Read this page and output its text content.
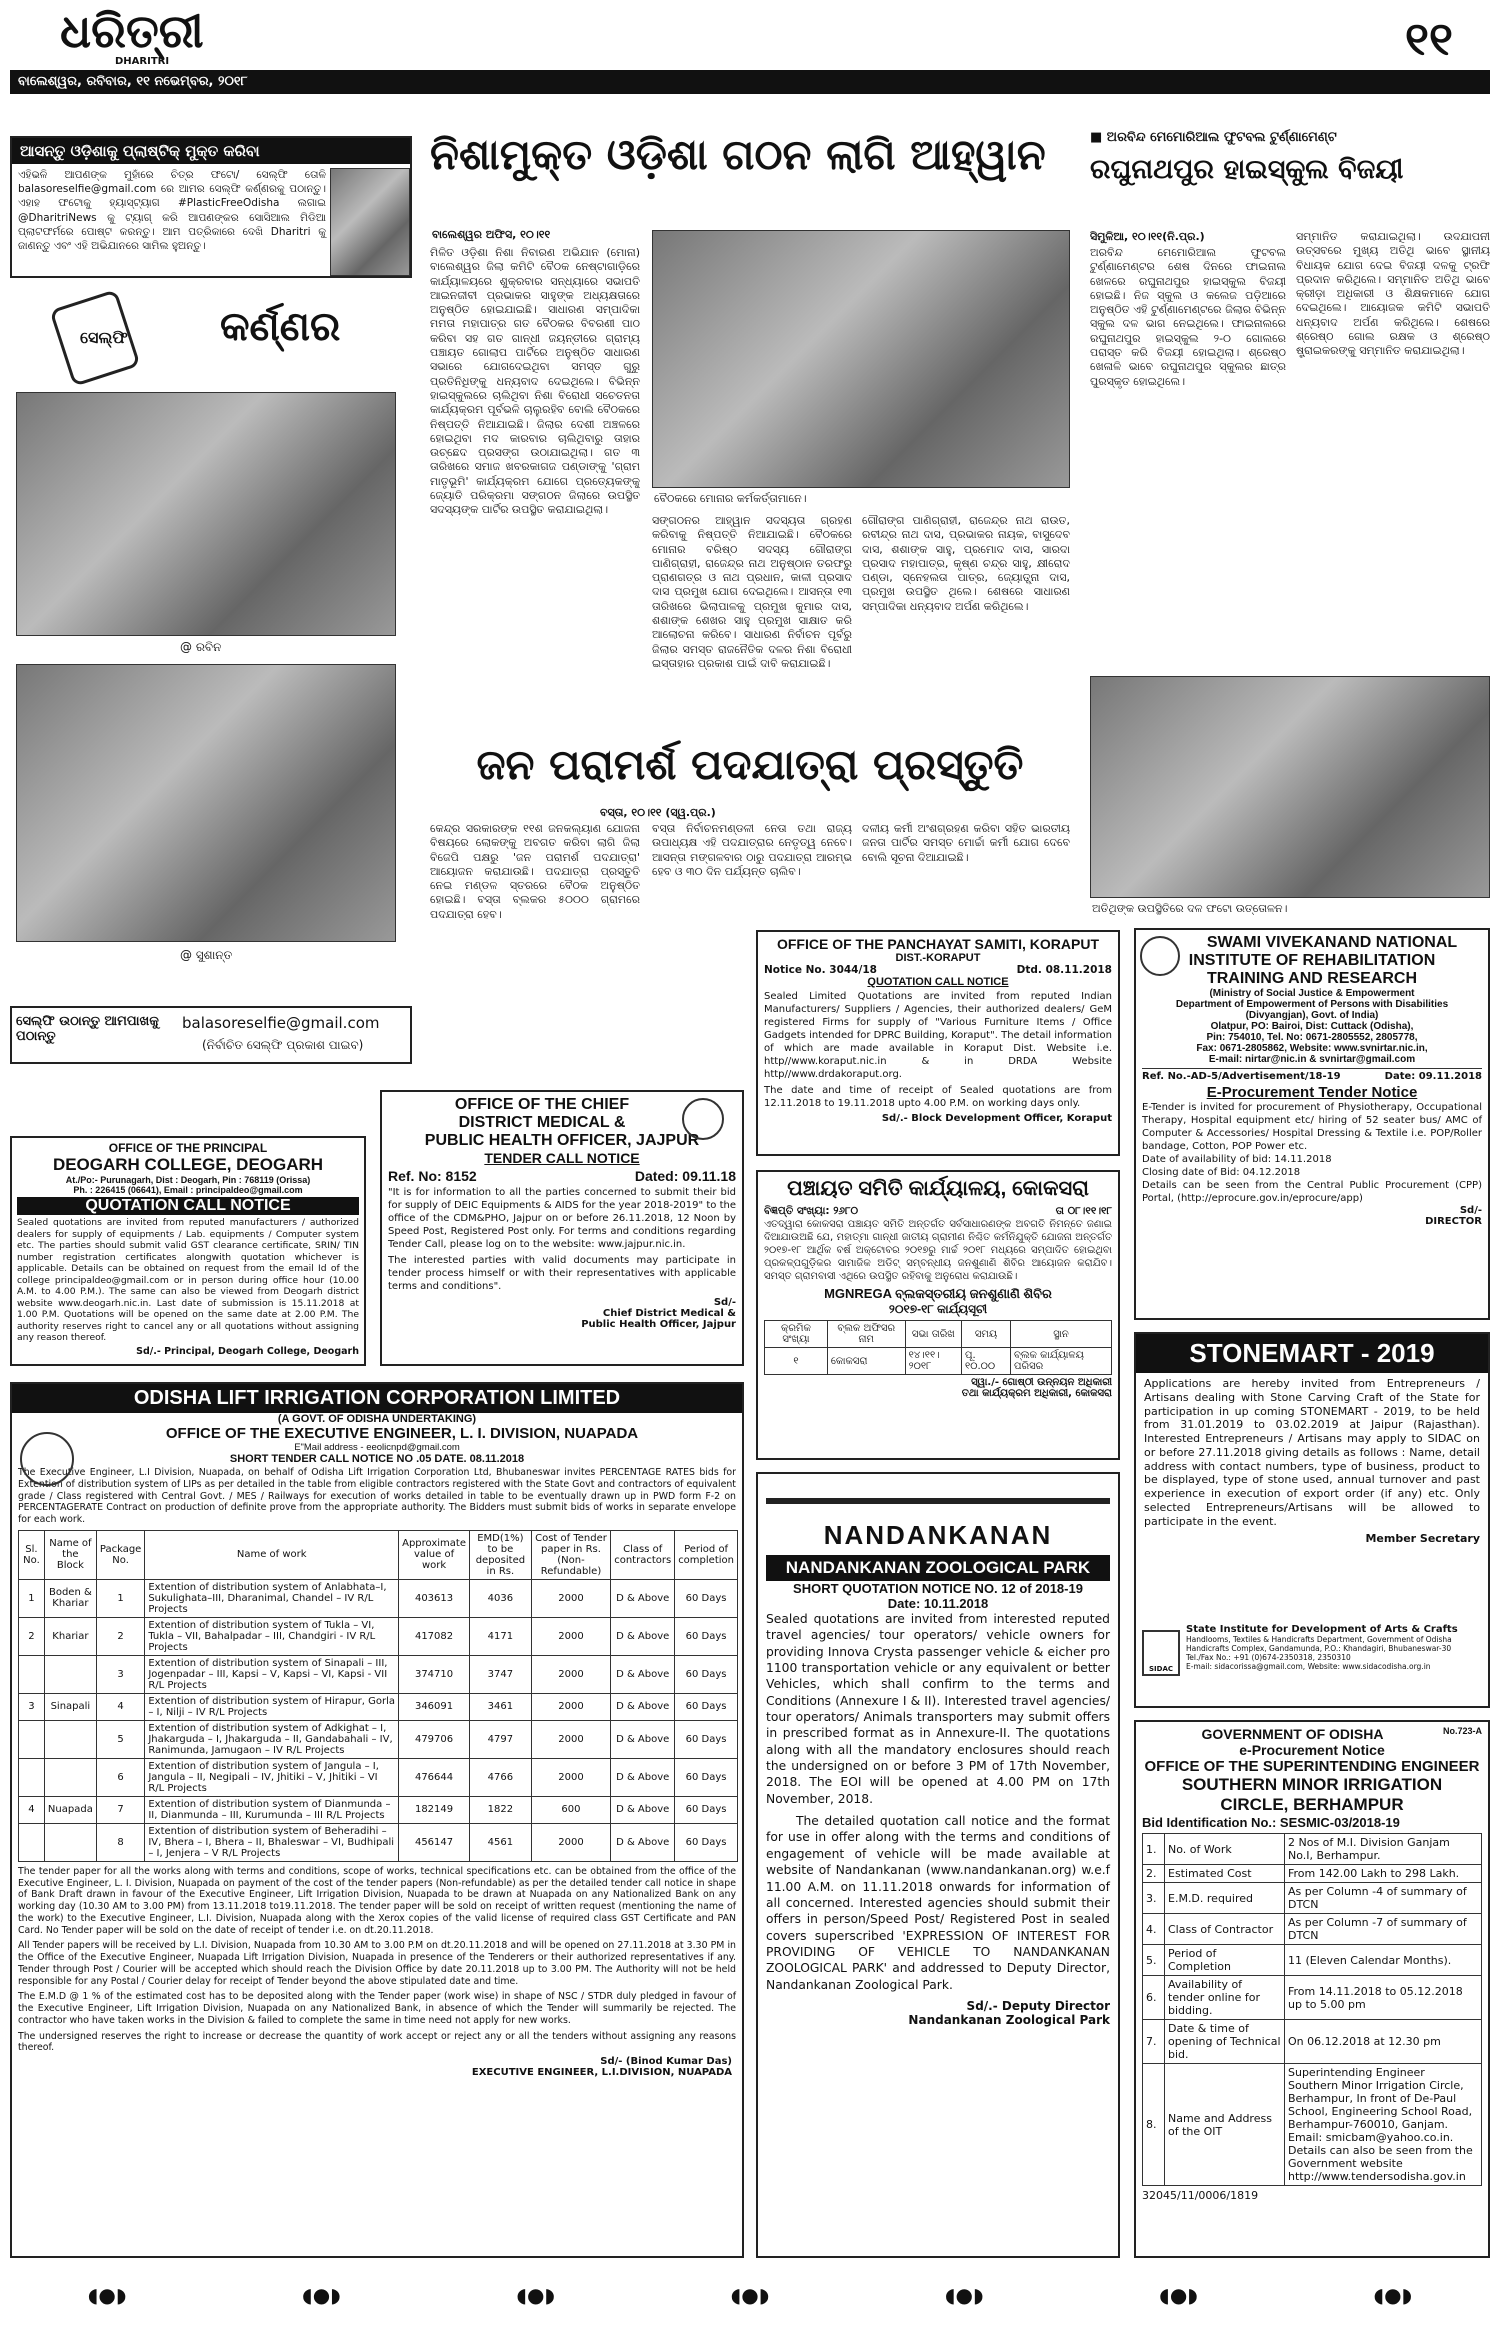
ଧରିତ୍ରୀ
DHARITRI	୧୧
ବାଲେଶ୍ୱର, ରବିବାର, ୧୧ ନଭେମ୍ବର, ୨୦୧୮
ଆସନ୍ତୁ ଓଡ଼ିଶାକୁ ପ୍ଲାଷ୍ଟିକ୍ ମୁକ୍ତ କରିବା
ଏହିଭଳି ଆପଣଙ୍କ ମୁହାଁରେ ଚିତ୍ର ଫଟୋ/ ସେଲ୍ଫି ତୋଳି balasoreselfie@gmail.com ରେ ଆମର ସେଲ୍ଫି କର୍ଣ୍ଣରକୁ ପଠାନ୍ତୁ। ଏହାହ ଫଟୋକୁ ହ୍ୟାସ୍‌ଟ୍ୟାଗ #PlasticFreeOdisha ଲଗାଇ @DharitriNews କୁ ଟ୍ୟାଗ୍ କରି ଆପଣଙ୍କର ସୋସିଆଲ ମିଡିଆ ପ୍ଲାଟଫର୍ମରେ ପୋଷ୍ଟ କରନ୍ତୁ। ଆମ ପତ୍ରିକାରେ ଦେଖି Dharitri କୁ ଜାଣନ୍ତୁ ଏବଂ ଏହି ଅଭିଯାନରେ ସାମିଲ ହୁଅନ୍ତୁ।
ସେଲ୍ଫି କର୍ଣ୍ଣର
@ ରବିନ
@ ସୁଶାନ୍ତ
ସେଲ୍ଫି ଉଠାନ୍ତୁ ଆମପାଖକୁ ପଠାନ୍ତୁ
balasoreselfie@gmail.com
(ନିର୍ବାଚିତ ସେଲ୍ଫି ପ୍ରକାଶ ପାଇବ)
ନିଶାମୁକ୍ତ ଓଡ଼ିଶା ଗଠନ ଲାଗି ଆହ୍ୱାନ
ବାଲେଶ୍ୱର ଅଫିସ, ୧୦।୧୧
ମିଳିତ ଓଡ଼ିଶା ନିଶା ନିବାରଣ ଅଭିଯାନ (ମୋନା) ବାଲେଶ୍ୱର ଜିଲା କମିଟି ବୈଠକ ନେଷ୍ଟାଗାଡ଼ିରେ କାର୍ଯ୍ୟାଳୟରେ ଶୁକ୍ରବାର ସନ୍ଧ୍ୟାରେ ସଭାପତି ଆଇନଜୀବୀ ପ୍ରଭାକର ସାହୁଙ୍କ ଅଧ୍ୟକ୍ଷତାରେ ଅନୁଷ୍ଠିତ ହୋଇଯାଇଛି। ସାଧାରଣ ସମ୍ପାଦିକା ମମତା ମହାପାତ୍ର ଗତ ବୈଠକର ବିବରଣୀ ପାଠ କରିବା ସହ ଗତ ଗାନ୍ଧୀ ଜୟନ୍ତୀରେ ଗ୍ରାମ୍ୟ ପଞ୍ଚାୟତ ଗୋଲାପ ପାର୍ଟିରେ ଅନୁଷ୍ଠିତ ସାଧାରଣ ସଭାରେ ଯୋଗଦେଇଥିବା ସମସ୍ତ ଗୁରୁ ପ୍ରତିନିଧିଙ୍କୁ ଧନ୍ୟବାଦ ଦେଇଥିଲେ। ବିଭିନ୍ନ ହାଇସ୍କୁଲରେ ଚାଲିଥିବା ନିଶା ବିରୋଧୀ ସଚେତନତା କାର୍ଯ୍ୟକ୍ରମ ପୂର୍ବଭଳି ଚାଲୁରହିବ ବୋଲି ବୈଠକରେ ନିଷ୍ପତ୍ତି ନିଆଯାଇଛି। ଜିଲାର ଦେଶୀ ଅଞ୍ଚଳରେ ହୋଇଥିବା ମଦ କାରବାର ଚାଲିଥିବାରୁ ତାହାର ଉଚ୍ଛେଦ ପ୍ରସଙ୍ଗ ଉଠାଯାଇଥିଲା। ଗତ ୩ ତାରିଖରେ ସମାଜ ଖବରକାଗଜ ପଣ୍ଡାଙ୍କୁ 'ଗ୍ରାମ ମାତୃଭୂମି' କାର୍ଯ୍ୟକ୍ରମ ଯୋଗେ ପ୍ରତ୍ୟେକଙ୍କୁ ଜ୍ୟୋତି ପରିକ୍ରମା ସଙ୍ଗଠନ ଜିଲାରେ ଉପସ୍ଥିତ ସଦସ୍ୟଙ୍କ ପାର୍ଟିର ଉପସ୍ଥିତ କରାଯାଇଥିଲା।
ବୈଠକରେ ମୋନାର କର୍ମକର୍ତ୍ତାମାନେ।
ସଙ୍ଗଠନର ଆହ୍ୱାନ ସଦସ୍ୟତା ଗ୍ରହଣ କରିବାକୁ ନିଷ୍ପତ୍ତି ନିଆଯାଇଛି। ବୈଠକରେ ମୋନାର ବରିଷ୍ଠ ସଦସ୍ୟ ଗୌରାଙ୍ଗ ପାଣିଗ୍ରାହୀ, ରାଜେନ୍ଦ୍ର ନାଥ ଅନୁଷ୍ଠାନ ତରଫରୁ ପ୍ରାଣଗତ୍ର ଓ ନାଥ ପ୍ରଧାନ, କାଳୀ ପ୍ରସାଦ ଦାସ ପ୍ରମୁଖ ଯୋଗ ଦେଇଥିଲେ। ଆସନ୍ତା ୧୩ ତାରିଖରେ ଭିଲାପାଳକୁ ପ୍ରମୁଖ କୁମାର ଦାସ, ଶଶାଙ୍କ ଶେଖର ସାହୁ ପ୍ରମୁଖ ସାକ୍ଷାତ କରି ଆଲୋଚନା କରିବେ। ସାଧାରଣ ନିର୍ବାଚନ ପୂର୍ବରୁ ଜିଲାର ସମସ୍ତ ରାଜନୈତିକ ଦଳର ନିଶା ବିରୋଧୀ ଇସ୍ତାହାର ପ୍ରକାଶ ପାଇଁ ଦାବି କରାଯାଇଛି।
ଗୌରାଙ୍ଗ ପାଣିଗ୍ରାହୀ, ରାଜେନ୍ଦ୍ର ନାଥ ରାଉତ, ରବୀନ୍ଦ୍ର ନାଥ ଦାସ, ପ୍ରଭାକର ନାୟକ, ବାସୁଦେବ ଦାସ, ଶଶାଙ୍କ ସାହୁ, ପ୍ରମୋଦ ଦାସ, ସାରଦା ପ୍ରସାଦ ମହାପାତ୍ର, କୃଷ୍ଣ ଚନ୍ଦ୍ର ସାହୁ, କ୍ଷୀରୋଦ ପଣ୍ଡା, ସ୍ନେହଲତା ପାତ୍ର, ଜ୍ୟୋତ୍ସ୍ନା ଦାସ, ପ୍ରମୁଖ ଉପସ୍ଥିତ ଥିଲେ। ଶେଷରେ ସାଧାରଣ ସମ୍ପାଦିକା ଧନ୍ୟବାଦ ଅର୍ପଣ କରିଥିଲେ।
■ ଅରବିନ୍ଦ ମେମୋରିଆଲ ଫୁଟବଲ ଟୁର୍ଣ୍ଣାମେଣ୍ଟ
ରଘୁନାଥପୁର ହାଇସ୍କୁଲ ବିଜୟୀ
ସିମୁଳିଆ, ୧୦।୧୧(ନି.ପ୍ର.)
ଅରବିନ୍ଦ ମେମୋରିଆଲ ଫୁଟବଲ ଟୁର୍ଣ୍ଣାମେଣ୍ଟର ଶେଷ ଦିନରେ ଫାଇନାଲ ଖେଳରେ ରଘୁନାଥପୁର ହାଇସ୍କୁଲ ବିଜୟୀ ହୋଇଛି। ନିଜ ସ୍କୁଲ ଓ କଲେଜ ପଡ଼ିଆରେ ଅନୁଷ୍ଠିତ ଏହି ଟୁର୍ଣ୍ଣାମେଣ୍ଟରେ ଜିଲାର ବିଭିନ୍ନ ସ୍କୁଲ ଦଳ ଭାଗ ନେଇଥିଲେ। ଫାଇନାଲରେ ରଘୁନାଥପୁର ହାଇସ୍କୁଲ ୨-୦ ଗୋଲରେ ପରାସ୍ତ କରି ବିଜୟୀ ହୋଇଥିଲା। ଶ୍ରେଷ୍ଠ ଖେଳାଳି ଭାବେ ରଘୁନାଥପୁର ସ୍କୁଲର ଛାତ୍ର ପୁରସ୍କୃତ ହୋଇଥିଲେ।
ସମ୍ମାନିତ କରାଯାଇଥିଲା। ଉଦଯାପନୀ ଉତ୍ସବରେ ମୁଖ୍ୟ ଅତିଥି ଭାବେ ସ୍ଥାନୀୟ ବିଧାୟକ ଯୋଗ ଦେଇ ବିଜୟୀ ଦଳକୁ ଟ୍ରଫି ପ୍ରଦାନ କରିଥିଲେ। ସମ୍ମାନିତ ଅତିଥି ଭାବେ କ୍ରୀଡ଼ା ଅଧିକାରୀ ଓ ଶିକ୍ଷକମାନେ ଯୋଗ ଦେଇଥିଲେ। ଆୟୋଜକ କମିଟି ସଭାପତି ଧନ୍ୟବାଦ ଅର୍ପଣ କରିଥିଲେ। ଶେଷରେ ଶ୍ରେଷ୍ଠ ଗୋଲ ରକ୍ଷକ ଓ ଶ୍ରେଷ୍ଠ ଷ୍ଟ୍ରାଇକରଙ୍କୁ ସମ୍ମାନିତ କରାଯାଇଥିଲା।
ଅତିଥିଙ୍କ ଉପସ୍ଥିତିରେ ଦଳ ଫଟୋ ଉତ୍ତୋଳନ।
ଜନ ପରାମର୍ଶ ପଦଯାତ୍ରା ପ୍ରସ୍ତୁତି
ବସ୍ତା, ୧୦।୧୧ (ସ୍ୱ.ପ୍ର.)
କେନ୍ଦ୍ର ସରକାରଙ୍କ ୧୧ଶ ଜନକଲ୍ୟାଣ ଯୋଜନା ବିଷୟରେ ଲୋକଙ୍କୁ ଅବଗତ କରିବା ଲାଗି ଜିଲା ବିଜେପି ପକ୍ଷରୁ 'ଜନ ପରାମର୍ଶ ପଦଯାତ୍ରା' ଆୟୋଜନ କରାଯାଉଛି। ପଦଯାତ୍ରା ପ୍ରସ୍ତୁତି ନେଇ ମଣ୍ଡଳ ସ୍ତରରେ ବୈଠକ ଅନୁଷ୍ଠିତ ହୋଇଛି। ବସ୍ତା ବ୍ଲକର ୫୦୦୦ ଗ୍ରାମରେ ପଦଯାତ୍ରା ହେବ।
ବସ୍ତା ନିର୍ବାଚନମଣ୍ଡଳୀ ନେତା ତଥା ରାଜ୍ୟ ଉପାଧ୍ୟକ୍ଷ ଏହି ପଦଯାତ୍ରାର ନେତୃତ୍ୱ ନେବେ। ଆସନ୍ତା ମଙ୍ଗଳବାର ଠାରୁ ପଦଯାତ୍ରା ଆରମ୍ଭ ହେବ ଓ ୩୦ ଦିନ ପର୍ଯ୍ୟନ୍ତ ଚାଲିବ।
ଦଳୀୟ କର୍ମୀ ଅଂଶଗ୍ରହଣ କରିବା ସହିତ ଭାରତୀୟ ଜନତା ପାର୍ଟିର ସମସ୍ତ ମୋର୍ଚ୍ଚା କର୍ମୀ ଯୋଗ ଦେବେ ବୋଲି ସୂଚନା ଦିଆଯାଇଛି।
OFFICE OF THE PANCHAYAT SAMITI, KORAPUT
DIST.-KORAPUT
Notice No. 3044/18	Dtd. 08.11.2018
QUOTATION CALL NOTICE
Sealed Limited Quotations are invited from reputed Indian Manufacturers/ Suppliers / Agencies, their authorized dealers/ GeM registered Firms for supply of "Various Furniture Items / Office Gadgets intended for DPRC Building, Koraput". The detail information of which are made available in Koraput Dist. Website i.e. http//www.koraput.nic.in & in DRDA Website http//www.drdakoraput.org.
The date and time of receipt of Sealed quotations are from 12.11.2018 to 19.11.2018 upto 4.00 P.M. on working days only.
Sd/.- Block Development Officer, Koraput
SWAMI VIVEKANAND NATIONAL
INSTITUTE OF REHABILITATION
TRAINING AND RESEARCH
(Ministry of Social Justice & Empowerment
Department of Empowerment of Persons with Disabilities
(Divyangjan), Govt. of India)
Olatpur, PO: Bairoi, Dist: Cuttack (Odisha),
Pin: 754010, Tel. No: 0671-2805552, 2805778,
Fax: 0671-2805862, Website: www.svnirtar.nic.in,
E-mail: nirtar@nic.in & svnirtar@gmail.com
Ref. No.-AD-5/Advertisement/18-19	Date: 09.11.2018
E-Procurement Tender Notice
E-Tender is invited for procurement of Physiotherapy, Occupational Therapy, Hospital equipment etc/ hiring of 52 seater bus/ AMC of Computer & Accessories/ Hospital Dressing & Textile i.e. POP/Roller bandage, Cotton, POP Power etc.
Date of availability of bid: 14.11.2018
Closing date of Bid: 04.12.2018
Details can be seen from the Central Public Procurement (CPP) Portal, (http://eprocure.gov.in/eprocure/app)
Sd/-
DIRECTOR
OFFICE OF THE PRINCIPAL
DEOGARH COLLEGE, DEOGARH
At./Po:- Purunagarh, Dist : Deogarh, Pin : 768119 (Orissa)
Ph. : 226415 (06641), Email : principaldeo@gmail.com
QUOTATION CALL NOTICE
Sealed quotations are invited from reputed manufacturers / authorized dealers for supply of equipments / Lab. equipments / Computer system etc. The parties should submit valid GST clearance certificate, SRIN/ TIN number registration certificates alongwith quotation whichever is applicable. Details can be obtained on request from the email Id of the college principaldeo@gmail.com or in person during office hour (10.00 A.M. to 4.00 P.M.). The same can also be viewed from Deogarh district website www.deogarh.nic.in. Last date of submission is 15.11.2018 at 1.00 P.M. Quotations will be opened on the same date at 2.00 P.M. The authority reserves right to cancel any or all quotations without assigning any reason thereof.
Sd/.- Principal, Deogarh College, Deogarh
OFFICE OF THE CHIEF
DISTRICT MEDICAL &
PUBLIC HEALTH OFFICER, JAJPUR
TENDER CALL NOTICE
Ref. No: 8152	Dated: 09.11.18
"It is for information to all the parties concerned to submit their bid for supply of DEIC Equipments & AIDS for the year 2018-2019" to the office of the CDM&PHO, Jajpur on or before 26.11.2018, 12 Noon by Speed Post, Registered Post only. For terms and conditions regarding Tender Call, please log on to the website: www.jajpur.nic.in.
The interested parties with valid documents may participate in tender process himself or with their representatives with applicable terms and conditions".
Sd/-
Chief District Medical &
Public Health Officer, Jajpur
ପଞ୍ଚାୟତ ସମିତି କାର୍ଯ୍ୟାଳୟ, କୋକସରା
ବିଜ୍ଞପ୍ତି ସଂଖ୍ୟା: ୨୬୮୦	ତା ୦୮।୧୧।୧୮
ଏତଦ୍ୱାରା କୋକସରା ପଞ୍ଚାୟତ ସମିତି ଅନ୍ତର୍ଗତ ସର୍ବସାଧାରଣଙ୍କ ଅବଗତି ନିମନ୍ତେ ଜଣାଇ ଦିଆଯାଉଅଛି ଯେ, ମହାତ୍ମା ଗାନ୍ଧୀ ଜାତୀୟ ଗ୍ରାମୀଣ ନିଶ୍ଚିତ କର୍ମନିଯୁକ୍ତି ଯୋଜନା ଅନ୍ତର୍ଗତ ୨୦୧୭-୧୮ ଆର୍ଥିକ ବର୍ଷ ଅକ୍ଟୋବର ୨୦୧୭ରୁ ମାର୍ଚ୍ଚ ୨୦୧୮ ମଧ୍ୟରେ ସମ୍ପାଦିତ ହୋଇଥିବା ପ୍ରକଳ୍ପଗୁଡ଼ିକର ସାମାଜିକ ଅଡିଟ୍ ସମ୍ବନ୍ଧୀୟ ଜନଶୁଣାଣି ଶିବିର ଆୟୋଜନ କରାଯିବ। ସମସ୍ତ ଗ୍ରାମବାସୀ ଏଥିରେ ଉପସ୍ଥିତ ରହିବାକୁ ଅନୁରୋଧ କରାଯାଉଛି।
MGNREGA ବ୍ଲକସ୍ତରୀୟ ଜନଶୁଣାଣି ଶିବିର
୨୦୧୭-୧୮ କାର୍ଯ୍ୟସୂଚୀ
କ୍ରମିକ ସଂଖ୍ୟା	ବ୍ଲକ ଅଫିସର ନାମ	ସଭା ତାରିଖ	ସମୟ	ସ୍ଥାନ
୧	କୋକସରା	୧୪।୧୧।୨୦୧୮	ପୂ. ୧୦.୦୦	ବ୍ଲକ କାର୍ଯ୍ୟାଳୟ ପରିସର
ସ୍ୱା./- ଗୋଷ୍ଠୀ ଉନ୍ନୟନ ଅଧିକାରୀ
ତଥା କାର୍ଯ୍ୟକ୍ରମ ଅଧିକାରୀ, କୋକସରା
STONEMART - 2019
Applications are hereby invited from Entrepreneurs / Artisans dealing with Stone Carving Craft of the State for participation in up coming STONEMART - 2019, to be held from 31.01.2019 to 03.02.2019 at Jaipur (Rajasthan). Interested Entrepreneurs / Artisans may apply to SIDAC on or before 27.11.2018 giving details as follows : Name, detail address with contact numbers, type of business, product to be displayed, type of stone used, annual turnover and past experience in execution of export order (if any) etc. Only selected Entrepreneurs/Artisans will be allowed to participate in the event.
Member Secretary
SIDAC
State Institute for Development of Arts & Crafts
Handlooms, Textiles & Handicrafts Department, Government of Odisha
Handicrafts Complex, Gandamunda, P.O.: Khandagiri, Bhubaneswar-30
Tel./Fax No.: +91 (0)674-2350318, 2350310
E-mail: sidacorissa@gmail.com, Website: www.sidacodisha.org.in
ODISHA LIFT IRRIGATION CORPORATION LIMITED
(A GOVT. OF ODISHA UNDERTAKING)
OFFICE OF THE EXECUTIVE ENGINEER, L. I. DIVISION, NUAPADA
E"Mail address - eeolicnpd@gmail.com
SHORT TENDER CALL NOTICE NO .05 DATE. 08.11.2018
The Executive Engineer, L.I Division, Nuapada, on behalf of Odisha Lift Irrigation Corporation Ltd, Bhubaneswar invites PERCENTAGE RATES bids for Extention of distribution system of LIPs as per detailed in the table from eligible contractors registered with the State Govt and contractors of equivalent grade / Class registered with Central Govt. / MES / Railways for execution of works detailed in table to be eventually drawn up in PWD form F-2 on PERCENTAGERATE Contract on production of definite prove from the appropriate authority. The Bidders must submit bids of works in separate envelope for each work.
Sl. No.	Name of the Block	Package No.	Name of work	Approximate value of work	EMD(1%) to be deposited in Rs.	Cost of Tender paper in Rs. (Non-Refundable)	Class of contractors	Period of completion
1	Boden & Khariar	1	Extention of distribution system of Anlabhata–I, Sukulighata–III, Dharanimal, Chandel – IV R/L Projects	403613	4036	2000	D & Above	60 Days
2	Khariar	2	Extention of distribution system of Tukla – VI, Tukla – VII, Bahalpadar – III, Chandgiri - IV R/L Projects	417082	4171	2000	D & Above	60 Days
		3	Extention of distribution system of Sinapali – III, Jogenpadar – III, Kapsi – V, Kapsi – VI, Kapsi - VII R/L Projects	374710	3747	2000	D & Above	60 Days
3	Sinapali	4	Extention of distribution system of Hirapur, Gorla – I, Nilji – IV R/L Projects	346091	3461	2000	D & Above	60 Days
		5	Extention of distribution system of Adkighat – I, Jhakarguda – I, Jhakarguda – II, Gandabahali – IV, Ranimunda, Jamugaon – IV R/L Projects	479706	4797	2000	D & Above	60 Days
		6	Extention of distribution system of Jangula – I, Jangula – II, Negipali – IV, Jhitiki – V, Jhitiki – VI R/L Projects	476644	4766	2000	D & Above	60 Days
4	Nuapada	7	Extention of distribution system of Dianmunda – II, Dianmunda – III, Kurumunda – III R/L Projects	182149	1822	600	D & Above	60 Days
		8	Extention of distribution system of Beheradihi – IV, Bhera – I, Bhera – II, Bhaleswar – VI, Budhipali – I, Jenjera – V R/L Projects	456147	4561	2000	D & Above	60 Days
The tender paper for all the works along with terms and conditions, scope of works, technical specifications etc. can be obtained from the office of the Executive Engineer, L. I. Division, Nuapada on payment of the cost of the tender papers (Non-refundable) as per the detailed tender call notice in shape of Bank Draft drawn in favour of the Executive Engineer, Lift Irrigation Division, Nuapada to be drawn at Nuapada on any Nationalized Bank on any working day (10.30 AM to 3.00 PM) from 13.11.2018 to19.11.2018. The tender paper will be sold on receipt of written request (mentioning the name of the work) to the Executive Engineer, L.I. Division, Nuapada along with the Xerox copies of the valid license of required class GST Certificate and PAN Card. No Tender paper will be sold on the date of receipt of tender i.e. on dt.20.11.2018.
All Tender papers will be received by L.I. Division, Nuapada from 10.30 AM to 3.00 P.M on dt.20.11.2018 and will be opened on 27.11.2018 at 3.30 PM in the Office of the Executive Engineer, Nuapada Lift Irrigation Division, Nuapada in presence of the Tenderers or their authorized representatives if any. Tender through Post / Courier will be accepted which should reach the Division Office by date 20.11.2018 up to 3.00 PM. The Authority will not be held responsible for any Postal / Courier delay for receipt of Tender beyond the above stipulated date and time.
The E.M.D @ 1 % of the estimated cost has to be deposited along with the Tender paper (work wise) in shape of NSC / STDR duly pledged in favour of the Executive Engineer, Lift Irrigation Division, Nuapada on any Nationalized Bank, in absence of which the Tender will summarily be rejected. The contractor who have taken works in the Division & failed to complete the same in time need not apply for new works.
The undersigned reserves the right to increase or decrease the quantity of work accept or reject any or all the tenders without assigning any reasons thereof.
Sd/- (Binod Kumar Das)
EXECUTIVE ENGINEER, L.I.DIVISION, NUAPADA
NANDANKANAN
NANDANKANAN ZOOLOGICAL PARK
SHORT QUOTATION NOTICE NO. 12 of 2018-19
Date: 10.11.2018
Sealed quotations are invited from interested reputed travel agencies/ tour operators/ vehicle owners for providing Innova Crysta passenger vehicle & eicher pro 1100 transportation vehicle or any equivalent or better Vehicles, which shall confirm to the terms and Conditions (Annexure I & II). Interested travel agencies/ tour operators/ Animals transporters may submit offers in prescribed format as in Annexure-II. The quotations along with all the mandatory enclosures should reach the undersigned on or before 3 PM of 17th November, 2018. The EOI will be opened at 4.00 PM on 17th November, 2018.
The detailed quotation call notice and the format for use in offer along with the terms and conditions of engagement of vehicle will be made available at website of Nandankanan (www.nandankanan.org) w.e.f 11.00 A.M. on 11.11.2018 onwards for information of all concerned. Interested agencies should submit their offers in person/Speed Post/ Registered Post in sealed covers superscribed 'EXPRESSION OF INTEREST FOR PROVIDING OF VEHICLE TO NANDANKANAN ZOOLOGICAL PARK' and addressed to Deputy Director, Nandankanan Zoological Park.
Sd/.- Deputy Director
Nandankanan Zoological Park
GOVERNMENT OF ODISHA	No.723-A
e-Procurement Notice
OFFICE OF THE SUPERINTENDING ENGINEER
SOUTHERN MINOR IRRIGATION
CIRCLE, BERHAMPUR
Bid Identification No.: SESMIC-03/2018-19
1.	No. of Work	2 Nos of M.I. Division Ganjam No.I, Berhampur.
2.	Estimated Cost	From 142.00 Lakh to 298 Lakh.
3.	E.M.D. required	As per Column -4 of summary of DTCN
4.	Class of Contractor	As per Column -7 of summary of DTCN
5.	Period of Completion	11 (Eleven Calendar Months).
6.	Availability of tender online for bidding.	From 14.11.2018 to 05.12.2018 up to 5.00 pm
7.	Date & time of opening of Technical bid.	On 06.12.2018 at 12.30 pm
8.	Name and Address of the OIT	Superintending Engineer Southern Minor Irrigation Circle, Berhampur, In front of De-Paul School, Engineering School Road, Berhampur-760010, Ganjam. Email: smicbam@yahoo.co.in. Details can also be seen from the Government website http://www.tendersodisha.gov.in
32045/11/0006/1819
◖●◗	◖●◗	◖●◗	◖●◗	◖●◗	◖●◗	◖●◗
